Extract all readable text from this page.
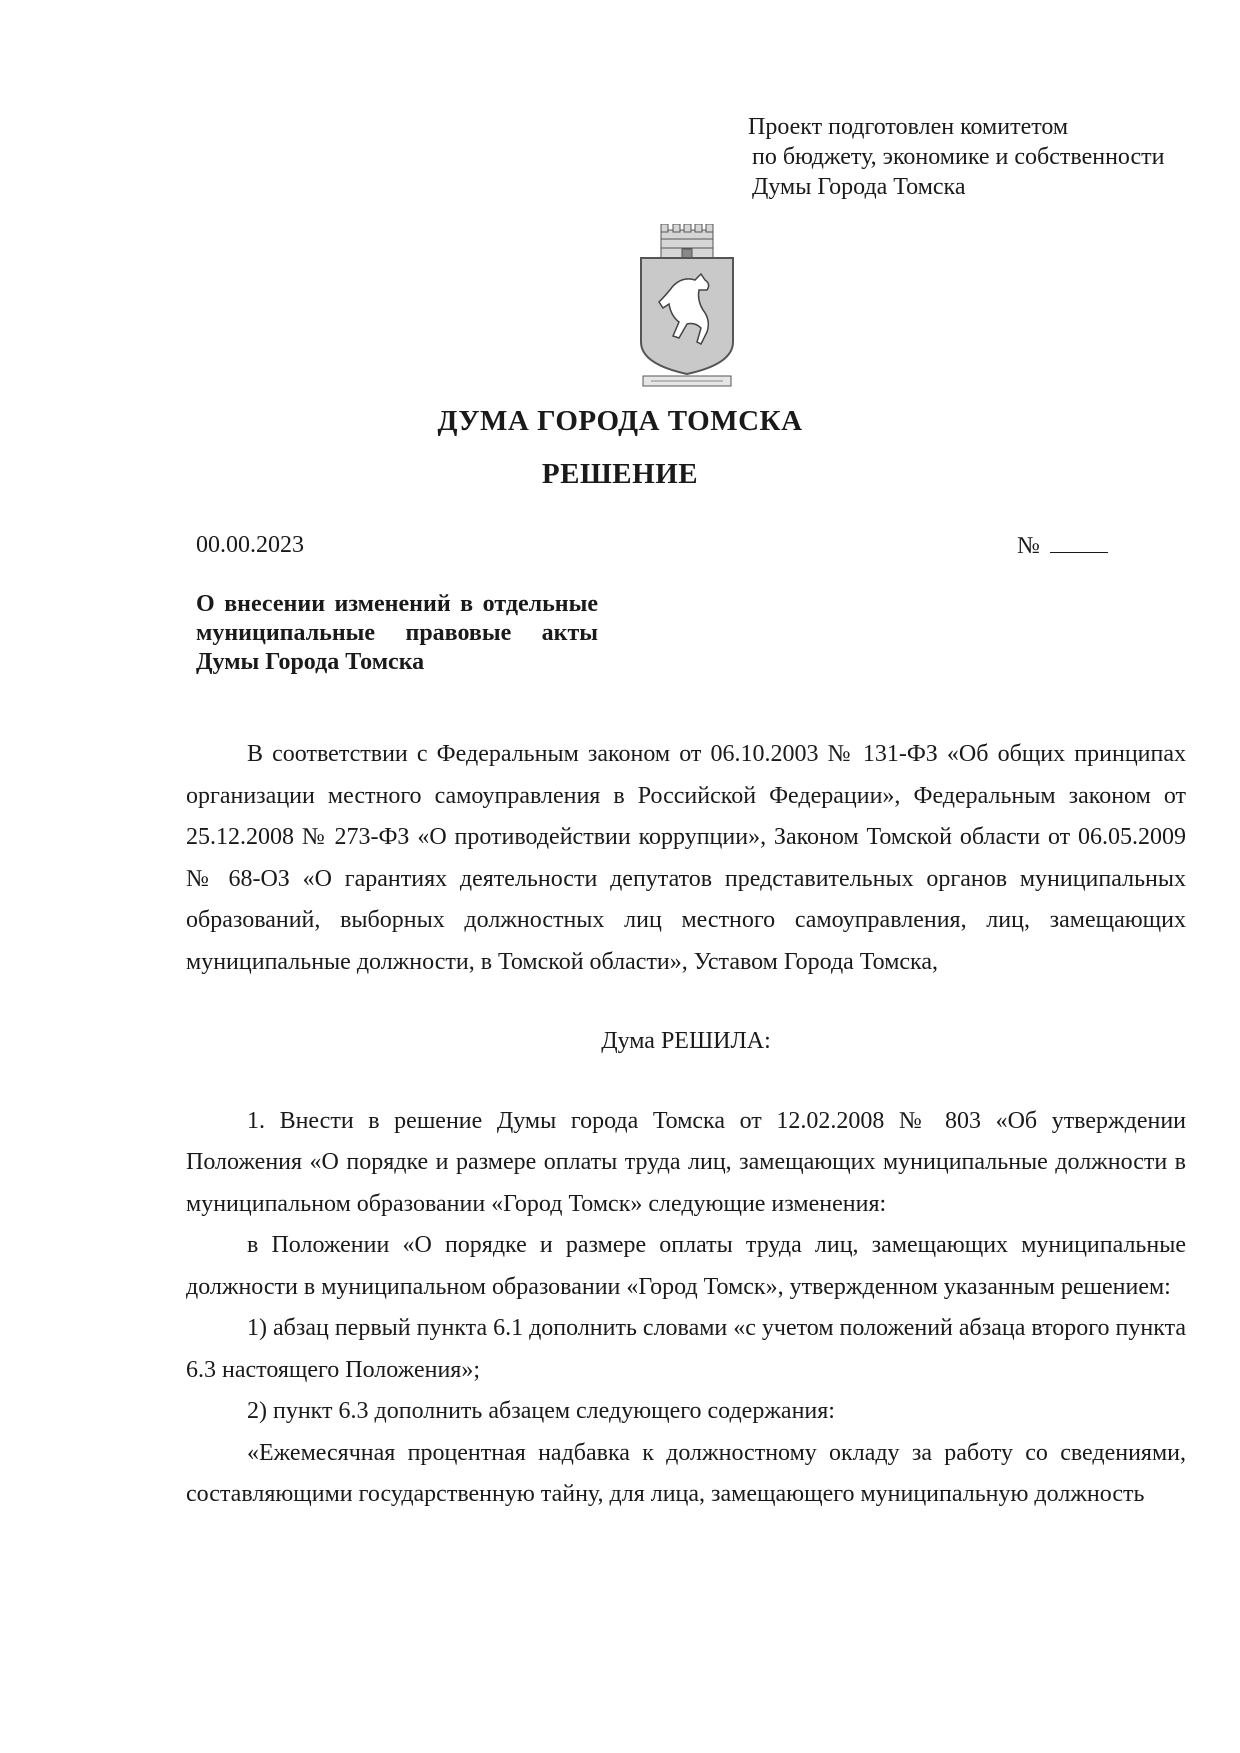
Проект подготовлен комитетом
по бюджету, экономике и собственности
Думы Города Томска
ДУМА ГОРОДА ТОМСКА
РЕШЕНИЕ
00.00.2023	№
О внесении изменений в отдельные
муниципальные правовые акты
Думы Города Томска

В соответствии с Федеральным законом от 06.10.2003 № 131-ФЗ «Об общих принципах организации местного самоуправления в Российской Федерации», Федеральным законом от 25.12.2008 № 273-ФЗ «О противодействии коррупции», Законом Томской области от 06.05.2009 № 68-ОЗ «О гарантиях деятельности депутатов представительных органов муниципальных образований, выборных должностных лиц местного самоуправления, лиц, замещающих муниципальные должности, в Томской области», Уставом Города Томска,

Дума РЕШИЛА:

1. Внести в решение Думы города Томска от 12.02.2008 № 803 «Об утверждении Положения «О порядке и размере оплаты труда лиц, замещающих муниципальные должности в муниципальном образовании «Город Томск» следующие изменения:

в Положении «О порядке и размере оплаты труда лиц, замещающих муниципальные должности в муниципальном образовании «Город Томск», утвержденном указанным решением:

1) абзац первый пункта 6.1 дополнить словами «с учетом положений абзаца второго пункта 6.3 настоящего Положения»;

2) пункт 6.3 дополнить абзацем следующего содержания:

«Ежемесячная процентная надбавка к должностному окладу за работу со сведениями, составляющими государственную тайну, для лица, замещающего муниципальную должность
